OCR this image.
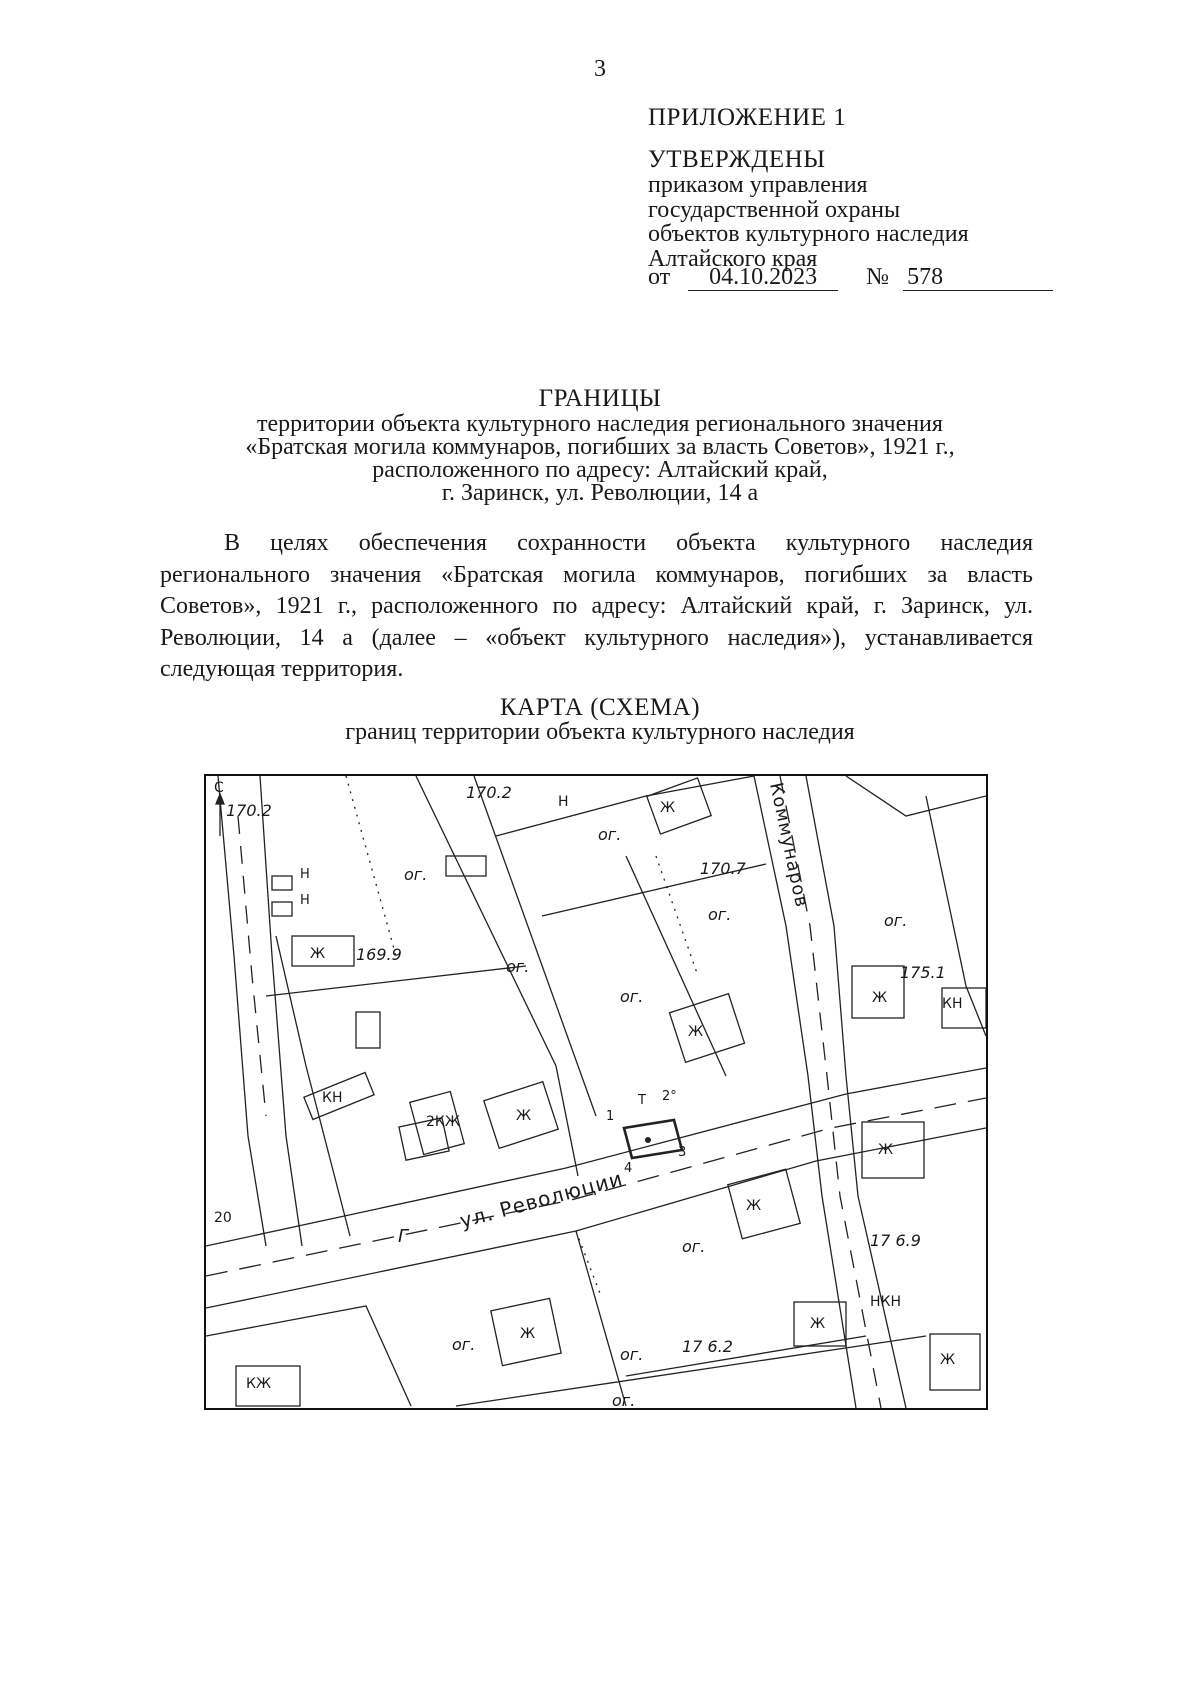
3
ПРИЛОЖЕНИЕ 1
УТВЕРЖДЕНЫ
приказом управления
государственной охраны
объектов культурного наследия
Алтайского края
от 04.10.2023 № 578
ГРАНИЦЫ
территории объекта культурного наследия регионального значения
«Братская могила коммунаров, погибших за власть Советов», 1921 г.,
расположенного по адресу: Алтайский край,
г. Заринск, ул. Революции, 14 а
В целях обеспечения сохранности объекта культурного наследия регионального значения «Братская могила коммунаров, погибших за власть Советов», 1921 г., расположенного по адресу: Алтайский край, г. Заринск, ул. Революции, 14 а (далее – «объект культурного наследия»), устанавливается следующая территория.
КАРТА (СХЕМА)
границ территории объекта культурного наследия
С
170.2
170.2
170.7
169.9
175.1
17 6.9
17 6.2
ог.
ог.
ог.
ог.
ог.
ог.
ог.
ог.
ог.
ог.
Н	Ж
Ж
Ж
Ж	КН
Ж
2КЖ
КН
Ж
Ж
Ж
Ж
КЖ
Ж
Н
Н
НКН
20	ул. Революции
Коммунаров
Г
1
Т 2°
3
4
